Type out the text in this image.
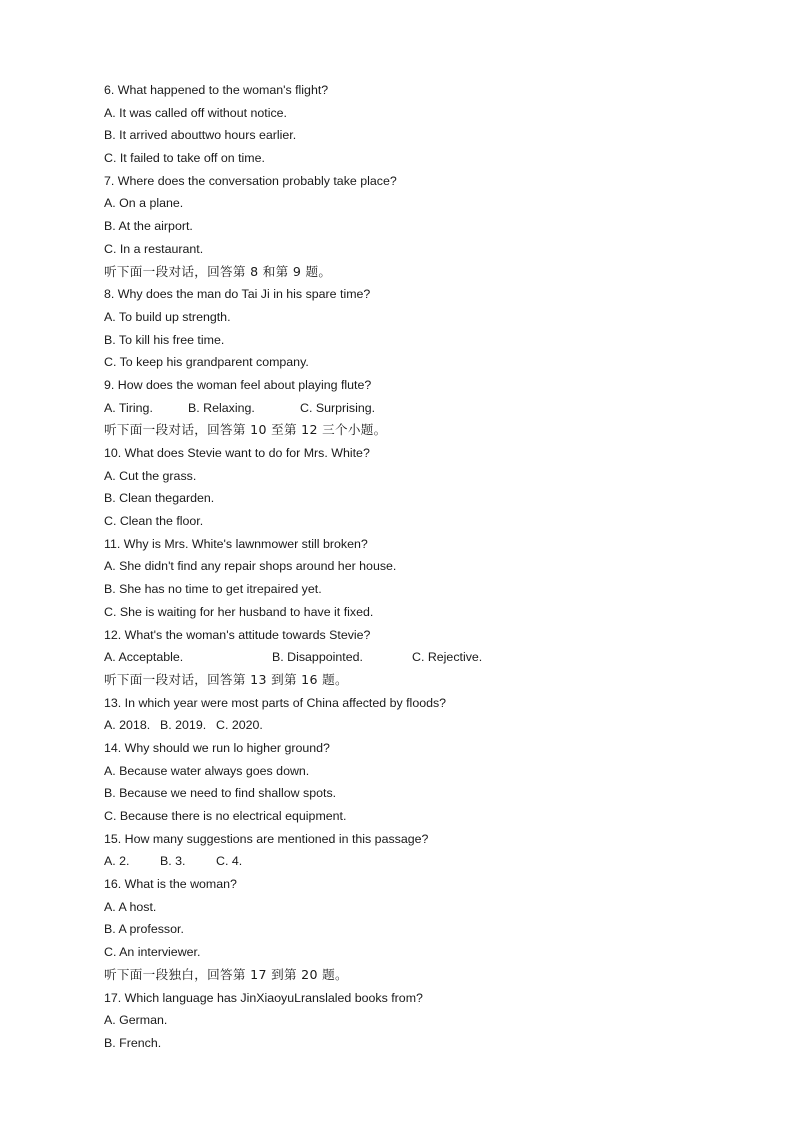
6. What happened to the woman's flight?
A. It was called off without notice.
B. It arrived abouttwo hours earlier.
C. It failed to take off on time.
7. Where does the conversation probably take place?
A. On a plane.
B. At the airport.
C. In a restaurant.
听下面一段对话，回答第 8 和第 9 题。
8. Why does the man do Tai Ji in his spare time?
A. To build up strength.
B. To kill his free time.
C. To keep his grandparent company.
9. How does the woman feel about playing flute?
A. Tiring.	B. Relaxing.	C. Surprising.
听下面一段对话，回答第 10 至第 12 三个小题。
10. What does Stevie want to do for Mrs. White?
A. Cut the grass.
B. Clean thegarden.
C. Clean the floor.
11. Why is Mrs. White's lawnmower still broken?
A. She didn't find any repair shops around her house.
B. She has no time to get itrepaired yet.
C. She is waiting for her husband to have it fixed.
12. What's the woman's attitude towards Stevie?
A. Acceptable.	B. Disappointed.	C. Rejective.
听下面一段对话，回答第 13 到第 16 题。
13. In which year were most parts of China affected by floods?
A. 2018. B. 2019. C. 2020.
14. Why should we run lo higher ground?
A. Because water always goes down.
B. Because we need to find shallow spots.
C. Because there is no electrical equipment.
15. How many suggestions are mentioned in this passage?
A. 2. B. 3. C. 4.
16. What is the woman?
A. A host.
B. A professor.
C. An interviewer.
听下面一段独白，回答第 17 到第 20 题。
17. Which language has JinXiaoyuLranslaled books from?
A. German.
B. French.
